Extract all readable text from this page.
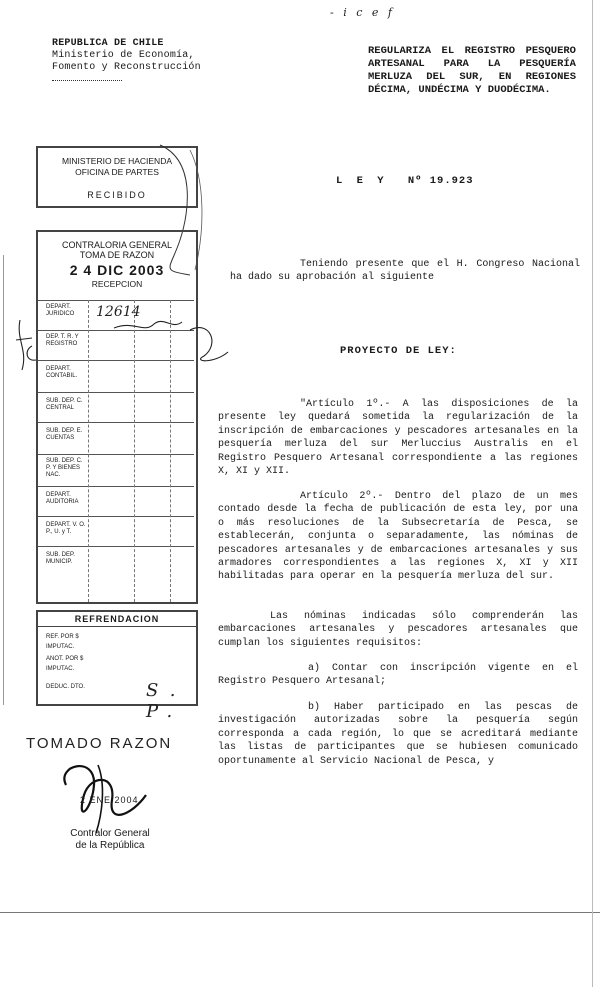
- i c e f
REPUBLICA DE CHILE
Ministerio de Economía,
Fomento y Reconstrucción
REGULARIZA EL REGISTRO PESQUERO ARTESANAL PARA LA PESQUERÍA MERLUZA DEL SUR, EN REGIONES DÉCIMA, UNDÉCIMA Y DUODÉCIMA.
MINISTERIO DE HACIENDA
OFICINA DE PARTES
RECIBIDO
CONTRALORIA GENERAL
TOMA DE RAZON
2 4 DIC 2003
RECEPCION
DEPART. JURIDICO
DEP. T. R. Y REGISTRO
DEPART. CONTABIL.
SUB. DEP. C. CENTRAL
SUB. DEP. E. CUENTAS
SUB. DEP. C. P. Y BIENES NAC.
DEPART. AUDITORIA
DEPART. V. O. P., U. y T.
SUB. DEP. MUNICIP.
12614
REFRENDACION
REF. POR $
IMPUTAC.
ANOT. POR $
IMPUTAC.
DEDUC. DTO.	S. P.
TOMADO RAZON
2 ENE 2004
Contralor General
de la República
L E Y Nº 19.923
Teniendo presente que el H. Congreso Nacional ha dado su aprobación al siguiente
PROYECTO DE LEY:
"Artículo 1º.- A las disposiciones de la presente ley quedará sometida la regularización de la inscripción de embarcaciones y pescadores artesanales en la pesquería merluza del sur Merluccius Australis en el Registro Pesquero Artesanal correspondiente a las regiones X, XI y XII.
Artículo 2º.- Dentro del plazo de un mes contado desde la fecha de publicación de esta ley, por una o más resoluciones de la Subsecretaría de Pesca, se establecerán, conjunta o separadamente, las nóminas de pescadores artesanales y de embarcaciones artesanales y sus armadores correspondientes a las regiones X, XI y XII habilitadas para operar en la pesquería merluza del sur.
Las nóminas indicadas sólo comprenderán las embarcaciones artesanales y pescadores artesanales que cumplan los siguientes requisitos:
a) Contar con inscripción vigente en el Registro Pesquero Artesanal;
b) Haber participado en las pescas de investigación autorizadas sobre la pesquería según corresponda a cada región, lo que se acreditará mediante las listas de participantes que se hubiesen comunicado oportunamente al Servicio Nacional de Pesca, y
